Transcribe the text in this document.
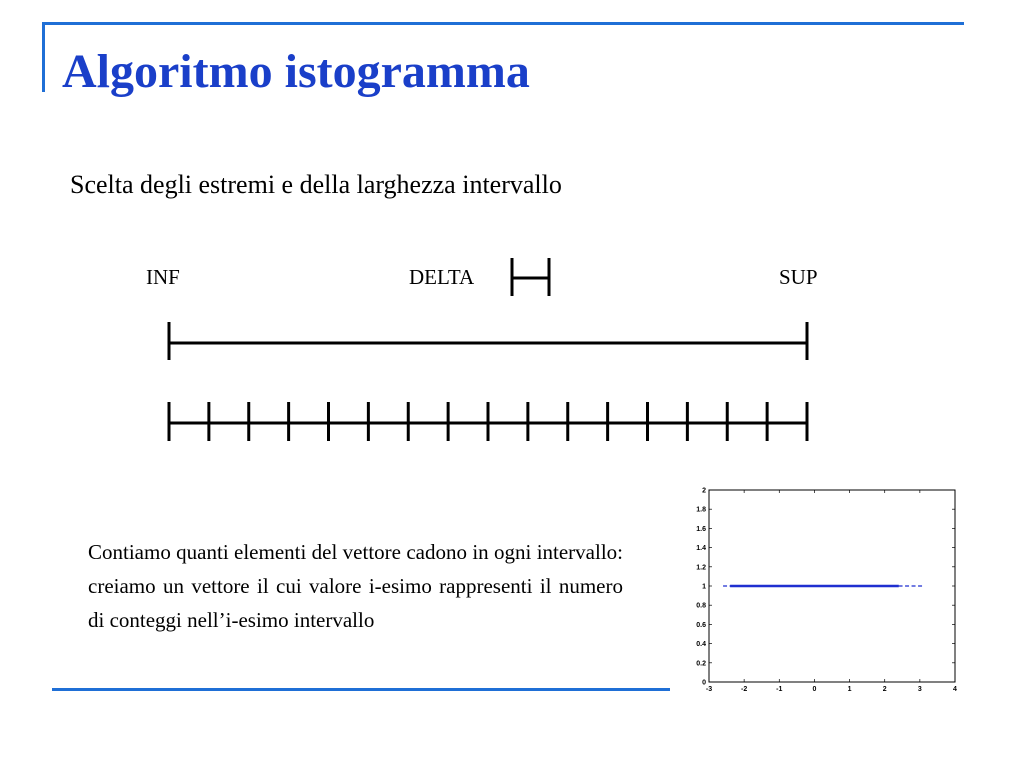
Algoritmo istogramma
Scelta degli estremi e della larghezza intervallo
INF	DELTA	SUP
-3	-2	-1	0	1	2	3	4
0
0.2
0.4
0.6
0.8
1
1.2
1.4
1.6
1.8
2
Contiamo quanti elementi del vettore cadono in ogni intervallo: creiamo un vettore il cui valore i-esimo rappresenti il numero di conteggi nell’i-esimo intervallo
